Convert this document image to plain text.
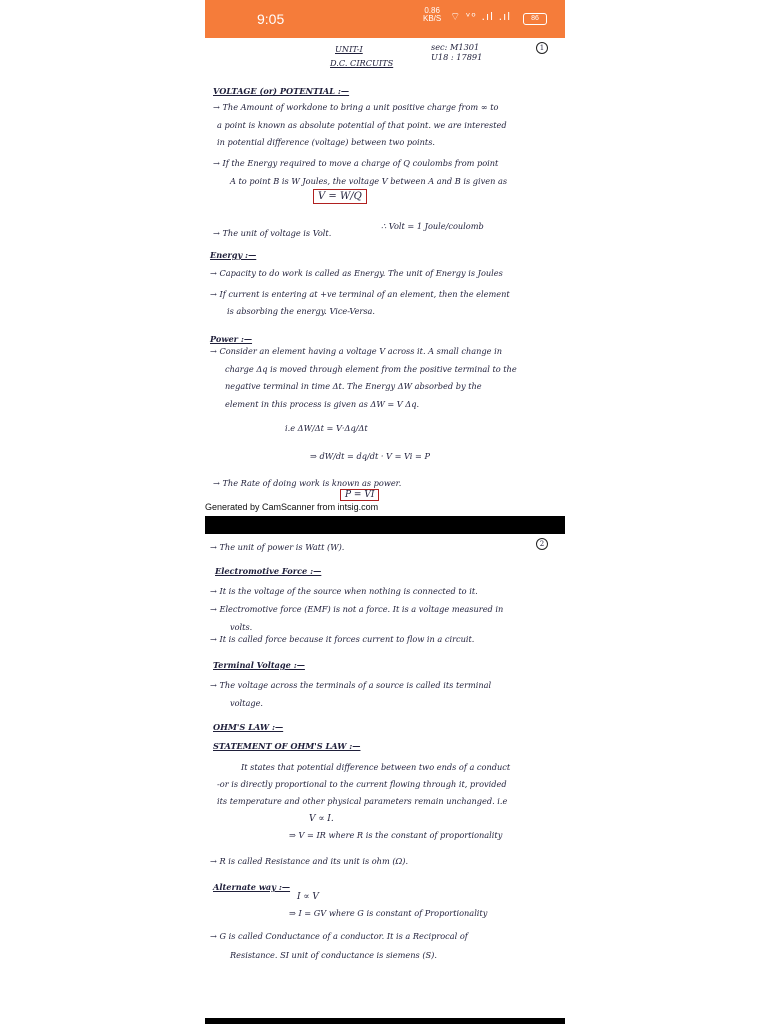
9:05
0.86
KB/S ⌔ ᵛᵒ .ıl .ıl	86
UNIT-I
D.C. CIRCUITS
sec: M1301
U18 : 17891
1
VOLTAGE (or) POTENTIAL :—
→ The Amount of workdone to bring a unit positive charge from ∞ to
a point is known as absolute potential of that point. we are interested
in potential difference (voltage) between two points.
→ If the Energy required to move a charge of Q coulombs from point
A to point B is W Joules, the voltage V between A and B is given as
V = W/Q
→ The unit of voltage is Volt.
∴ Volt = 1 Joule/coulomb
Energy :—
→ Capacity to do work is called as Energy. The unit of Energy is Joules
→ If current is entering at +ve terminal of an element, then the element
is absorbing the energy. Vice-Versa.
Power :—
→ Consider an element having a voltage V across it. A small change in
charge Δq is moved through element from the positive terminal to the
negative terminal in time Δt. The Energy ΔW absorbed by the
element in this process is given as ΔW = V Δq.
i.e ΔW/Δt = V·Δq/Δt
⇒ dW/dt = dq/dt · V = Vi = P
→ The Rate of doing work is known as power.
P = VI
Generated by CamScanner from intsig.com
2
→ The unit of power is Watt (W).
Electromotive Force :—
→ It is the voltage of the source when nothing is connected to it.
→ Electromotive force (EMF) is not a force. It is a voltage measured in
volts.
→ It is called force because it forces current to flow in a circuit.
Terminal Voltage :—
→ The voltage across the terminals of a source is called its terminal
voltage.
OHM'S LAW :—
STATEMENT OF OHM'S LAW :—
It states that potential difference between two ends of a conduct
-or is directly proportional to the current flowing through it, provided
its temperature and other physical parameters remain unchanged. i.e
V ∝ I.
⇒ V = IR where R is the constant of proportionality
→ R is called Resistance and its unit is ohm (Ω).
Alternate way :—
I ∝ V
⇒ I = GV where G is constant of Proportionality
→ G is called Conductance of a conductor. It is a Reciprocal of
Resistance. SI unit of conductance is siemens (S).
